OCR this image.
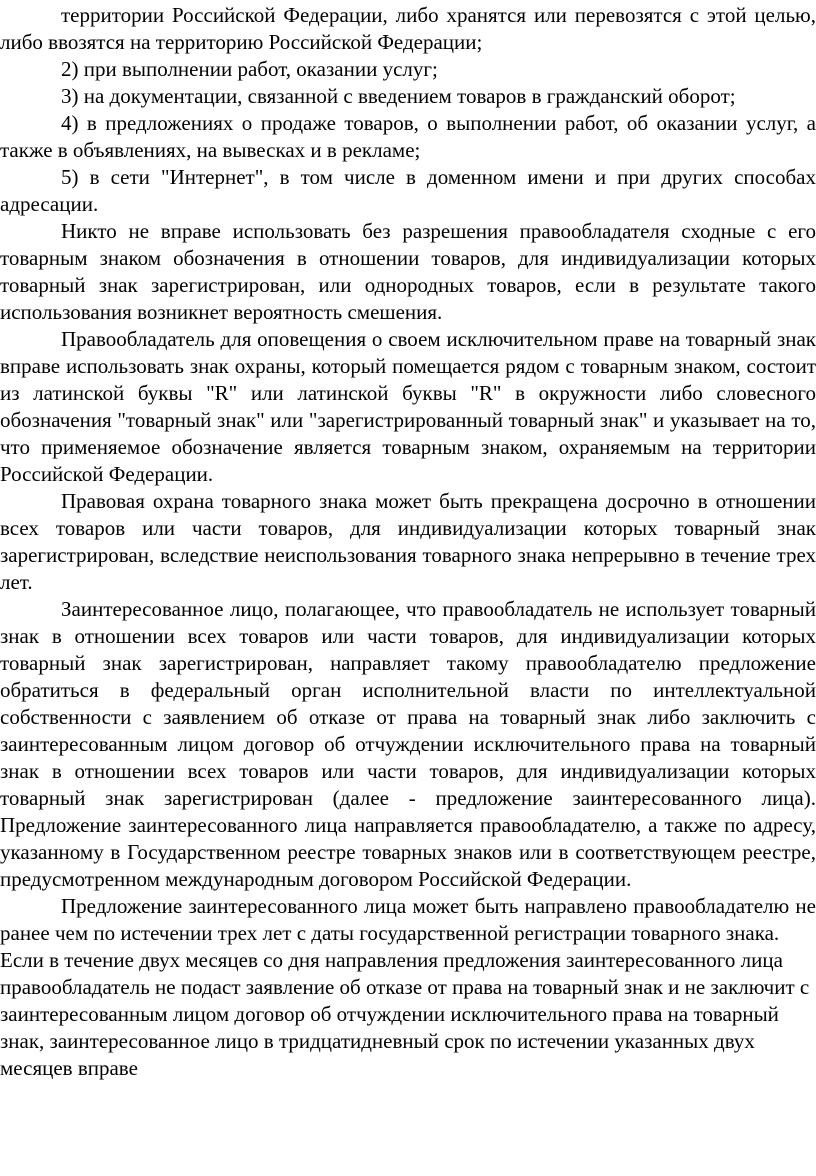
территории Российской Федерации, либо хранятся или перевозятся с этой целью, либо ввозятся на территорию Российской Федерации;

2) при выполнении работ, оказании услуг;

3) на документации, связанной с введением товаров в гражданский оборот;

4) в предложениях о продаже товаров, о выполнении работ, об оказании услуг, а также в объявлениях, на вывесках и в рекламе;

5) в сети "Интернет", в том числе в доменном имени и при других способах адресации.

Никто не вправе использовать без разрешения правообладателя сходные с его товарным знаком обозначения в отношении товаров, для индивидуализации которых товарный знак зарегистрирован, или однородных товаров, если в результате такого использования возникнет вероятность смешения.

Правообладатель для оповещения о своем исключительном праве на товарный знак вправе использовать знак охраны, который помещается рядом с товарным знаком, состоит из латинской буквы "R" или латинской буквы "R" в окружности либо словесного обозначения "товарный знак" или "зарегистрированный товарный знак" и указывает на то, что применяемое обозначение является товарным знаком, охраняемым на территории Российской Федерации.

Правовая охрана товарного знака может быть прекращена досрочно в отношении всех товаров или части товаров, для индивидуализации которых товарный знак зарегистрирован, вследствие неиспользования товарного знака непрерывно в течение трех лет.

Заинтересованное лицо, полагающее, что правообладатель не использует товарный знак в отношении всех товаров или части товаров, для индивидуализации которых товарный знак зарегистрирован, направляет такому правообладателю предложение обратиться в федеральный орган исполнительной власти по интеллектуальной собственности с заявлением об отказе от права на товарный знак либо заключить с заинтересованным лицом договор об отчуждении исключительного права на товарный знак в отношении всех товаров или части товаров, для индивидуализации которых товарный знак зарегистрирован (далее - предложение заинтересованного лица). Предложение заинтересованного лица направляется правообладателю, а также по адресу, указанному в Государственном реестре товарных знаков или в соответствующем реестре, предусмотренном международным договором Российской Федерации.

Предложение заинтересованного лица может быть направлено правообладателю не ранее чем по истечении трех лет с даты государственной регистрации товарного знака.

Если в течение двух месяцев со дня направления предложения заинтересованного лица правообладатель не подаст заявление об отказе от права на товарный знак и не заключит с заинтересованным лицом договор об отчуждении исключительного права на товарный знак, заинтересованное лицо в тридцатидневный срок по истечении указанных двух месяцев вправе
